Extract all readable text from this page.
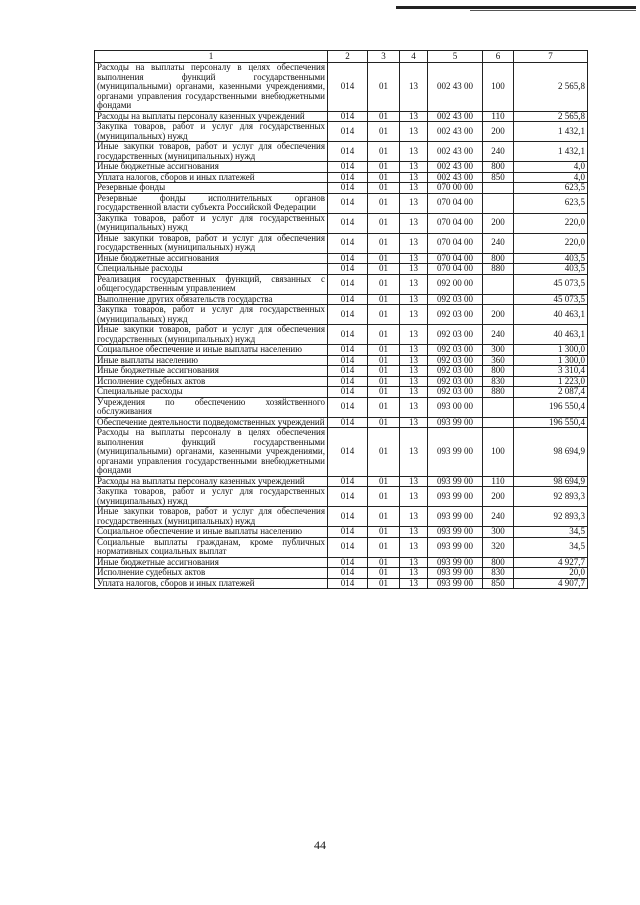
1	2	3	4	5	6	7
Расходы на выплаты персоналу в целях обеспечения выполнения функций государственными (муниципальными) органами, казенными учреждениями, органами управления государственными внебюджетными фондами	014	01	13	002 43 00	100	2 565,8
Расходы на выплаты персоналу казенных учреждений	014	01	13	002 43 00	110	2 565,8
Закупка товаров, работ и услуг для государственных (муниципальных) нужд	014	01	13	002 43 00	200	1 432,1
Иные закупки товаров, работ и услуг для обеспечения государственных (муниципальных) нужд	014	01	13	002 43 00	240	1 432,1
Иные бюджетные ассигнования	014	01	13	002 43 00	800	4,0
Уплата налогов, сборов и иных платежей	014	01	13	002 43 00	850	4,0
Резервные фонды	014	01	13	070 00 00		623,5
Резервные фонды исполнительных органов государственной власти субъекта Российской Федерации	014	01	13	070 04 00		623,5
Закупка товаров, работ и услуг для государственных (муниципальных) нужд	014	01	13	070 04 00	200	220,0
Иные закупки товаров, работ и услуг для обеспечения государственных (муниципальных) нужд	014	01	13	070 04 00	240	220,0
Иные бюджетные ассигнования	014	01	13	070 04 00	800	403,5
Специальные расходы	014	01	13	070 04 00	880	403,5
Реализация государственных функций, связанных с общегосударственным управлением	014	01	13	092 00 00		45 073,5
Выполнение других обязательств государства	014	01	13	092 03 00		45 073,5
Закупка товаров, работ и услуг для государственных (муниципальных) нужд	014	01	13	092 03 00	200	40 463,1
Иные закупки товаров, работ и услуг для обеспечения государственных (муниципальных) нужд	014	01	13	092 03 00	240	40 463,1
Социальное обеспечение и иные выплаты населению	014	01	13	092 03 00	300	1 300,0
Иные выплаты населению	014	01	13	092 03 00	360	1 300,0
Иные бюджетные ассигнования	014	01	13	092 03 00	800	3 310,4
Исполнение судебных актов	014	01	13	092 03 00	830	1 223,0
Специальные расходы	014	01	13	092 03 00	880	2 087,4
Учреждения по обеспечению хозяйственного обслуживания	014	01	13	093 00 00		196 550,4
Обеспечение деятельности подведомственных учреждений	014	01	13	093 99 00		196 550,4
Расходы на выплаты персоналу в целях обеспечения выполнения функций государственными (муниципальными) органами, казенными учреждениями, органами управления государственными внебюджетными фондами	014	01	13	093 99 00	100	98 694,9
Расходы на выплаты персоналу казенных учреждений	014	01	13	093 99 00	110	98 694,9
Закупка товаров, работ и услуг для государственных (муниципальных) нужд	014	01	13	093 99 00	200	92 893,3
Иные закупки товаров, работ и услуг для обеспечения государственных (муниципальных) нужд	014	01	13	093 99 00	240	92 893,3
Социальное обеспечение и иные выплаты населению	014	01	13	093 99 00	300	34,5
Социальные выплаты гражданам, кроме публичных нормативных социальных выплат	014	01	13	093 99 00	320	34,5
Иные бюджетные ассигнования	014	01	13	093 99 00	800	4 927,7
Исполнение судебных актов	014	01	13	093 99 00	830	20,0
Уплата налогов, сборов и иных платежей	014	01	13	093 99 00	850	4 907,7
44
